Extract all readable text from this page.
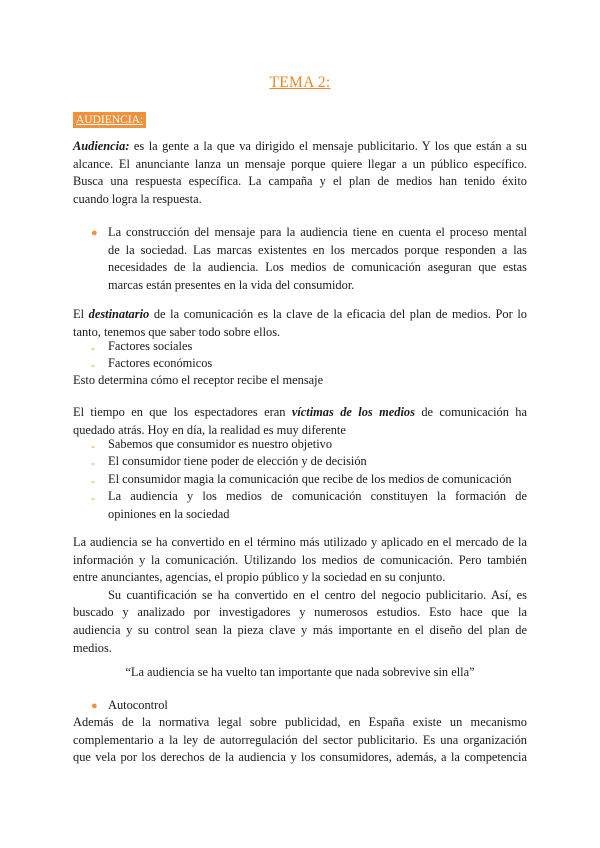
TEMA 2:
AUDIENCIA:
Audiencia: es la gente a la que va dirigido el mensaje publicitario. Y los que están a su
alcance. El anunciante lanza un mensaje porque quiere llegar a un público específico.
Busca una respuesta específica. La campaña y el plan de medios han tenido éxito
cuando logra la respuesta.
● La construcción del mensaje para la audiencia tiene en cuenta el proceso mental
de la sociedad. Las marcas existentes en los mercados porque responden a las
necesidades de la audiencia. Los medios de comunicación aseguran que estas
marcas están presentes en la vida del consumidor.
El destinatario de la comunicación es la clave de la eficacia del plan de medios. Por lo
tanto, tenemos que saber todo sobre ellos.
- Factores sociales
- Factores económicos
Esto determina cómo el receptor recibe el mensaje
El tiempo en que los espectadores eran víctimas de los medios de comunicación ha
quedado atrás. Hoy en día, la realidad es muy diferente
- Sabemos que consumidor es nuestro objetivo
- El consumidor tiene poder de elección y de decisión
- El consumidor magia la comunicación que recibe de los medios de comunicación
- La audiencia y los medios de comunicación constituyen la formación de
opiniones en la sociedad
La audiencia se ha convertido en el término más utilizado y aplicado en el mercado de la
información y la comunicación. Utilizando los medios de comunicación. Pero también
entre anunciantes, agencias, el propio público y la sociedad en su conjunto.
Su cuantificación se ha convertido en el centro del negocio publicitario. Así, es
buscado y analizado por investigadores y numerosos estudios. Esto hace que la
audiencia y su control sean la pieza clave y más importante en el diseño del plan de
medios.
“La audiencia se ha vuelto tan importante que nada sobrevive sin ella”
● Autocontrol
Además de la normativa legal sobre publicidad, en España existe un mecanismo
complementario a la ley de autorregulación del sector publicitario. Es una organización
que vela por los derechos de la audiencia y los consumidores, además, a la competencia
